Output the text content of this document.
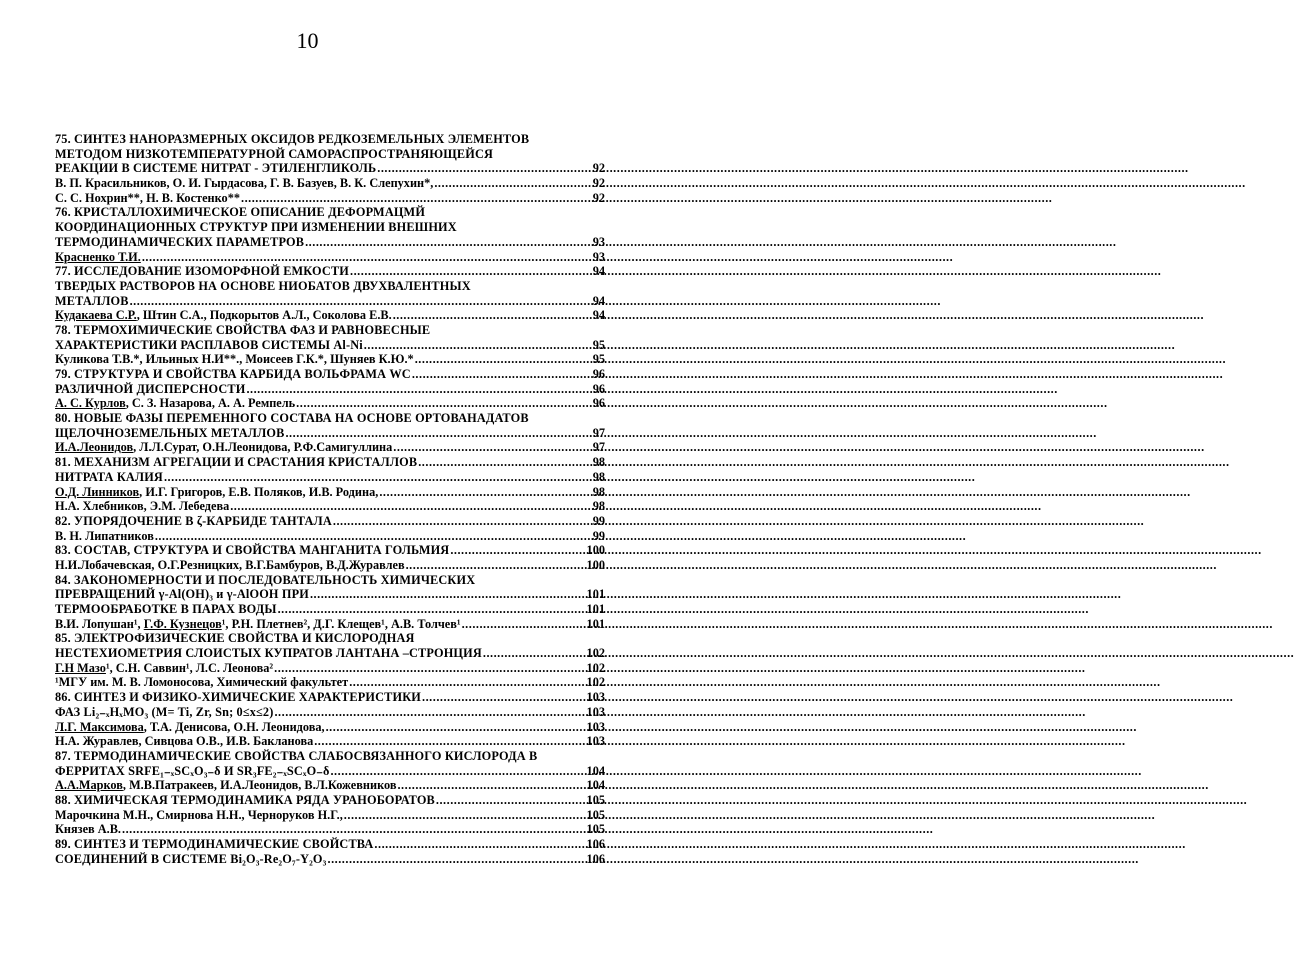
10
75. СИНТЕЗ НАНОРАЗМЕРНЫХ ОКСИДОВ РЕДКОЗЕМЕЛЬНЫХ ЭЛЕМЕНТОВ
МЕТОДОМ НИЗКОТЕМПЕРАТУРНОЙ САМОРАСПРОСТРАНЯЮЩЕЙСЯ
РЕАКЦИИ В СИСТЕМЕ НИТРАТ - ЭТИЛЕНГЛИКОЛЬ .....	92
В. П. Красильников, О. И. Гырдасова, Г. В. Базуев, В. К. Слепухин*, .....	92
С. С. Нохрин**, Н. В. Костенко** .....	92
76. КРИСТАЛЛОХИМИЧЕСКОЕ ОПИСАНИЕ ДЕФОРМАЦМЙ
КООРДИНАЦИОННЫХ СТРУКТУР ПРИ ИЗМЕНЕНИИ ВНЕШНИХ
ТЕРМОДИНАМИЧЕСКИХ ПАРАМЕТРОВ .....	93
Красненко Т.И. .....	93
77. ИССЛЕДОВАНИЕ ИЗОМОРФНОЙ ЕМКОСТИ .....	94
ТВЕРДЫХ РАСТВОРОВ НА ОСНОВЕ НИОБАТОВ ДВУХВАЛЕНТНЫХ
МЕТАЛЛОВ .....	94
Кудакаева С.Р., Штин С.А., Подкорытов А.Л., Соколова Е.В. .....	94
78. ТЕРМОХИМИЧЕСКИЕ СВОЙСТВА ФАЗ И РАВНОВЕСНЫЕ
ХАРАКТЕРИСТИКИ РАСПЛАВОВ СИСТЕМЫ Al-Ni .....	95
Куликова Т.В.*, Ильиных Н.И**., Моисеев Г.К.*, Шуняев К.Ю.* .....	95
79. СТРУКТУРА И СВОЙСТВА КАРБИДА ВОЛЬФРАМА WC .....	96
РАЗЛИЧНОЙ ДИСПЕРСНОСТИ .....	96
А. С. Курлов, С. З. Назарова, А. А. Ремпель .....	96
80. НОВЫЕ ФАЗЫ ПЕРЕМЕННОГО СОСТАВА НА ОСНОВЕ ОРТОВАНАДАТОВ
ЩЕЛОЧНОЗЕМЕЛЬНЫХ МЕТАЛЛОВ .....	97
И.А.Леонидов, Л.Л.Сурат, О.Н.Леонидова, Р.Ф.Самигуллина .....	97
81. МЕХАНИЗМ АГРЕГАЦИИ И СРАСТАНИЯ КРИСТАЛЛОВ .....	98
НИТРАТА КАЛИЯ .....	98
О.Д. Линников, И.Г. Григоров, Е.В. Поляков, И.В. Родина, .....	98
Н.А. Хлебников, Э.М. Лебедева .....	98
82. УПОРЯДОЧЕНИЕ В ζ-КАРБИДЕ ТАНТАЛА .....	99
В. Н. Липатников .....	99
83. СОСТАВ, СТРУКТУРА И СВОЙСТВА МАНГАНИТА ГОЛЬМИЯ .....	100
Н.И.Лобачевская, О.Г.Резницких, В.Г.Бамбуров, В.Д.Журавлев .....	100
84. ЗАКОНОМЕРНОСТИ И ПОСЛЕДОВАТЕЛЬНОСТЬ ХИМИЧЕСКИХ
ПРЕВРАЩЕНИЙ γ-Al(OH)₃ и γ-AlOOH ПРИ .....	101
ТЕРМООБРАБОТКЕ В ПАРАХ ВОДЫ .....	101
В.И. Лопушан¹, Г.Ф. Кузнецов¹, Р.Н. Плетнев², Д.Г. Клещев¹, А.В. Толчев¹ .....	101
85. ЭЛЕКТРОФИЗИЧЕСКИЕ СВОЙСТВА И КИСЛОРОДНАЯ
НЕСТЕХИОМЕТРИЯ СЛОИСТЫХ КУПРАТОВ ЛАНТАНА –СТРОНЦИЯ .....	102
Г.Н Мазо¹, С.Н. Саввин¹, Л.С. Леонова² .....	102
¹МГУ им. М. В. Ломоносова, Химический факультет .....	102
86. СИНТЕЗ И ФИЗИКО-ХИМИЧЕСКИЕ ХАРАКТЕРИСТИКИ .....	103
ФАЗ Li₂₋ₓHₓMO₃ (M= Ti, Zr, Sn; 0≤x≤2) .....	103
Л.Г. Максимова, Т.А. Денисова, О.Н. Леонидова, .....	103
Н.А. Журавлев, Сивцова О.В., И.В. Бакланова .....	103
87. ТЕРМОДИНАМИЧЕСКИЕ СВОЙСТВА СЛАБОСВЯЗАННОГО КИСЛОРОДА В
ФЕРРИТАХ SRFE₁₋ₓSCₓO₃₋δ И SR₃FE₂₋ₓSCₓO₋δ .....	104
А.А.Марков, М.В.Патракеев, И.А.Леонидов, В.Л.Кожевников .....	104
88. ХИМИЧЕСКАЯ ТЕРМОДИНАМИКА РЯДА УРАНОБОРАТОВ .....	105
Марочкина М.Н., Смирнова Н.Н., Черноруков Н.Г., .....	105
Князев А.В. .....	105
89. СИНТЕЗ И ТЕРМОДИНАМИЧЕСКИЕ СВОЙСТВА .....	106
СОЕДИНЕНИЙ В СИСТЕМЕ Bi₂O₃-Re₂O₇-Y₂O₃ .....	106
